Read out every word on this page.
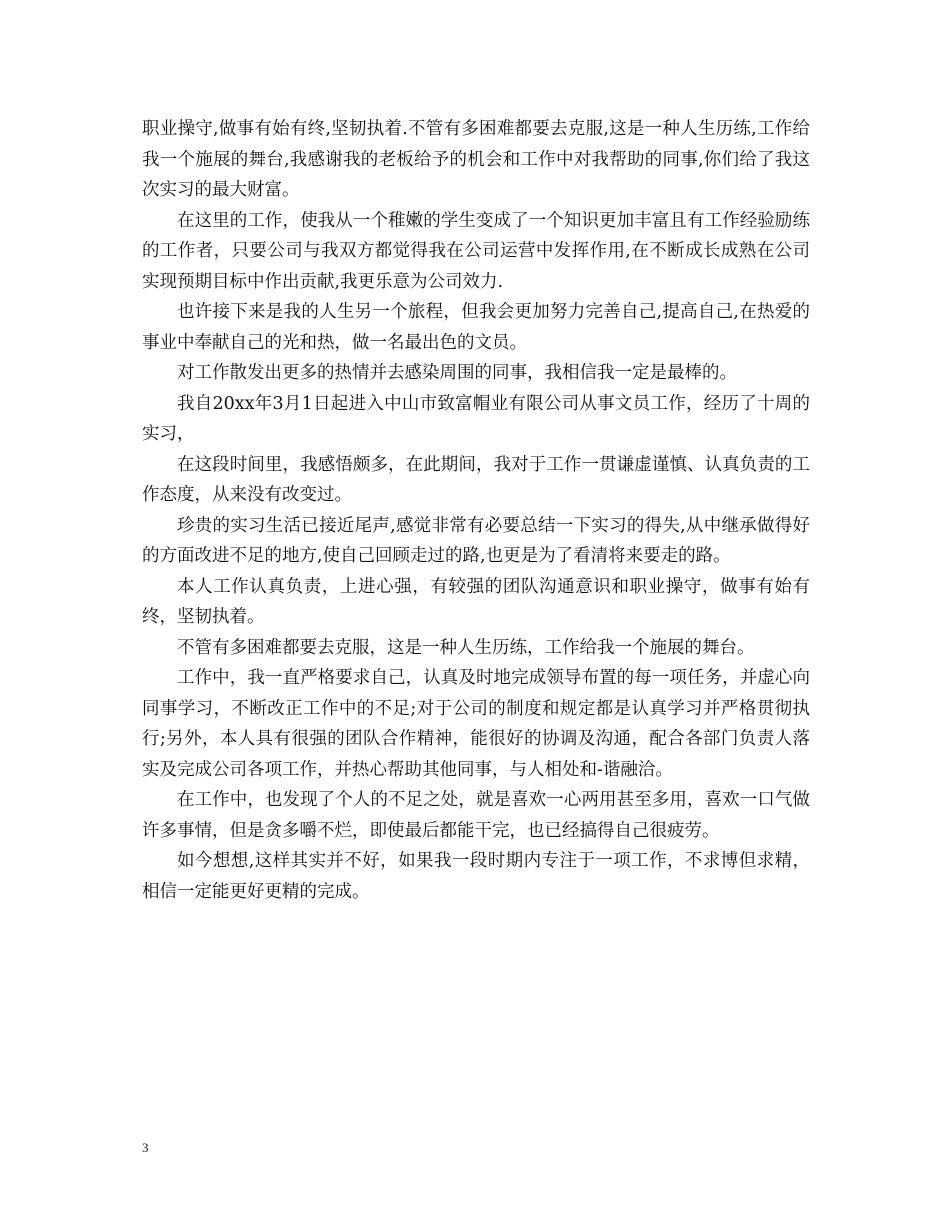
职业操守,做事有始有终,坚韧执着.不管有多困难都要去克服,这是一种人生历练,工作给我一个施展的舞台,我感谢我的老板给予的机会和工作中对我帮助的同事,你们给了我这次实习的最大财富。

在这里的工作，使我从一个稚嫩的学生变成了一个知识更加丰富且有工作经验励练的工作者，只要公司与我双方都觉得我在公司运营中发挥作用,在不断成长成熟在公司实现预期目标中作出贡献,我更乐意为公司效力.

也许接下来是我的人生另一个旅程，但我会更加努力完善自己,提高自己,在热爱的事业中奉献自己的光和热，做一名最出色的文员。

对工作散发出更多的热情并去感染周围的同事，我相信我一定是最棒的。

我自20xx年3月1日起进入中山市致富帽业有限公司从事文员工作，经历了十周的实习，

在这段时间里，我感悟颇多，在此期间，我对于工作一贯谦虚谨慎、认真负责的工作态度，从来没有改变过。

珍贵的实习生活已接近尾声,感觉非常有必要总结一下实习的得失,从中继承做得好的方面改进不足的地方,使自己回顾走过的路,也更是为了看清将来要走的路。

本人工作认真负责，上进心强，有较强的团队沟通意识和职业操守，做事有始有终，坚韧执着。

不管有多困难都要去克服，这是一种人生历练，工作给我一个施展的舞台。

工作中，我一直严格要求自己，认真及时地完成领导布置的每一项任务，并虚心向同事学习，不断改正工作中的不足;对于公司的制度和规定都是认真学习并严格贯彻执行;另外，本人具有很强的团队合作精神，能很好的协调及沟通，配合各部门负责人落实及完成公司各项工作，并热心帮助其他同事，与人相处和-谐融洽。

在工作中，也发现了个人的不足之处，就是喜欢一心两用甚至多用，喜欢一口气做许多事情，但是贪多嚼不烂，即使最后都能干完，也已经搞得自己很疲劳。

如今想想,这样其实并不好，如果我一段时期内专注于一项工作，不求博但求精，相信一定能更好更精的完成。

3
